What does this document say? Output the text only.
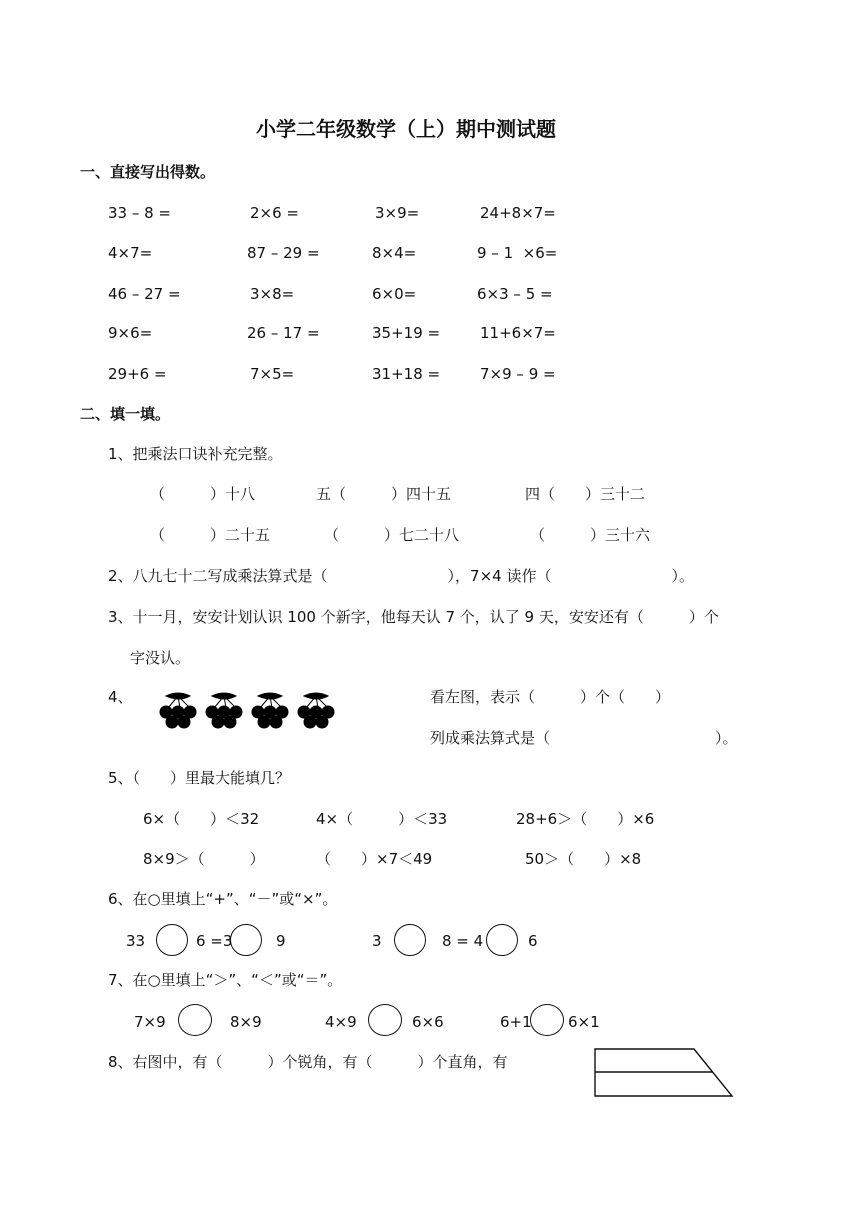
小学二年级数学（上）期中测试题
一、直接写出得数。
33 – 8 =	2×6 =	3×9=	24+8×7=
4×7=	87 – 29 =	8×4=	9 – 1  ×6=
46 – 27 =	3×8=	6×0=	6×3 – 5 =
9×6=	26 – 17 =	35+19 =	11+6×7=
29+6 =	7×5=	31+18 =	7×9 – 9 =
二、填一填。
1、把乘法口诀补充完整。
（　　　）十八	五（　　　）四十五	四（　　）三十二
（　　　）二十五	（　　　）七二十八	（　　　）三十六
2、八九七十二写成乘法算式是（　　　　　　　　），7×4 读作（　　　　　　　　）。
3、十一月，安安计划认识 100 个新字，他每天认 7 个，认了 9 天，安安还有（　　　）个
字没认。
4、	看左图，表示（　　　）个（　　）
列成乘法算式是（　　　　　　　　　　　）。
5、（　　）里最大能填几？
6×（　　）＜32	4×（　　　）＜33	28+6＞（　　）×6
8×9＞（　　　）	（　　）×7＜49	50＞（　　）×8
6、在○里填上“+”、“－”或“×”。
33	6 =3	9	3	8 = 4	6
7、在○里填上“＞”、“＜”或“＝”。
7×9	8×9	4×9	6×6	6+1 6×1
8、右图中，有（　　　）个锐角，有（　　　）个直角，有
